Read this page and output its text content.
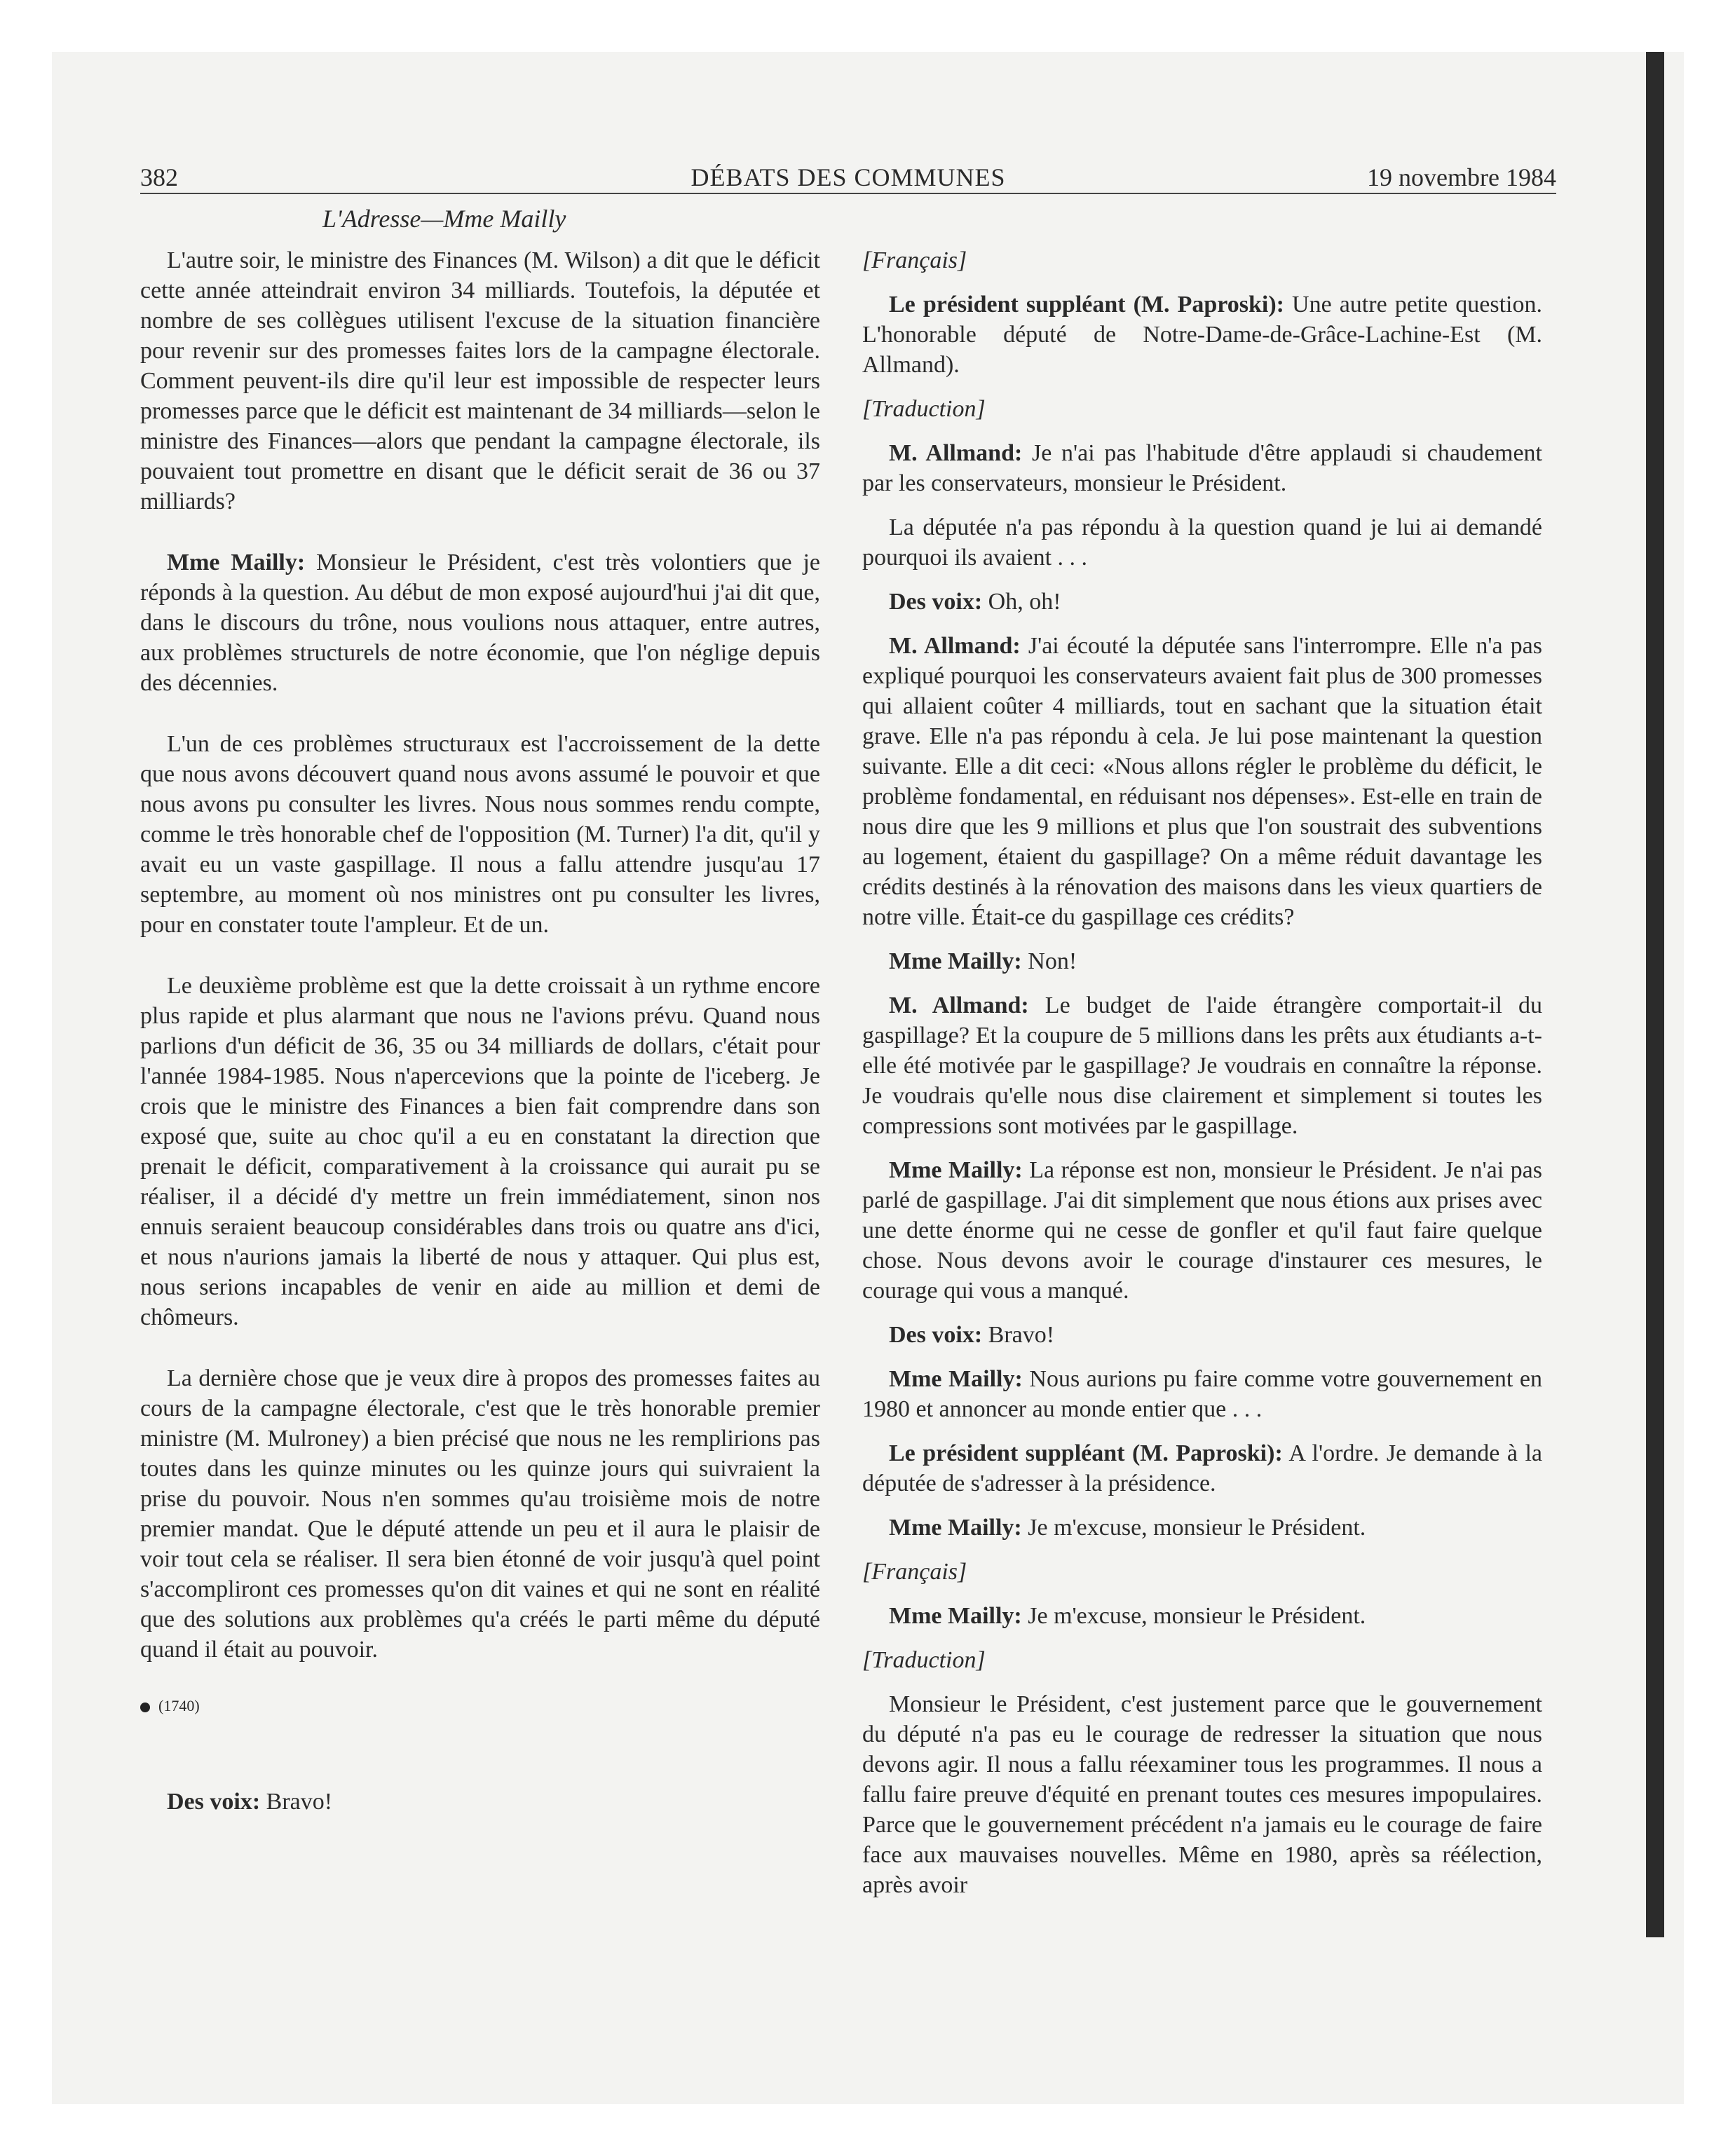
382	DÉBATS DES COMMUNES	19 novembre 1984
L'Adresse—Mme Mailly

L'autre soir, le ministre des Finances (M. Wilson) a dit que le déficit cette année atteindrait environ 34 milliards. Toutefois, la députée et nombre de ses collègues utilisent l'excuse de la situation financière pour revenir sur des promesses faites lors de la campagne électorale. Comment peuvent-ils dire qu'il leur est impossible de respecter leurs promesses parce que le déficit est maintenant de 34 milliards—selon le ministre des Finances—alors que pendant la campagne électorale, ils pouvaient tout promettre en disant que le déficit serait de 36 ou 37 milliards?

Mme Mailly: Monsieur le Président, c'est très volontiers que je réponds à la question. Au début de mon exposé aujourd'hui j'ai dit que, dans le discours du trône, nous voulions nous attaquer, entre autres, aux problèmes structurels de notre économie, que l'on néglige depuis des décennies.

L'un de ces problèmes structuraux est l'accroissement de la dette que nous avons découvert quand nous avons assumé le pouvoir et que nous avons pu consulter les livres. Nous nous sommes rendu compte, comme le très honorable chef de l'opposition (M. Turner) l'a dit, qu'il y avait eu un vaste gaspillage. Il nous a fallu attendre jusqu'au 17 septembre, au moment où nos ministres ont pu consulter les livres, pour en constater toute l'ampleur. Et de un.

Le deuxième problème est que la dette croissait à un rythme encore plus rapide et plus alarmant que nous ne l'avions prévu. Quand nous parlions d'un déficit de 36, 35 ou 34 milliards de dollars, c'était pour l'année 1984-1985. Nous n'apercevions que la pointe de l'iceberg. Je crois que le ministre des Finances a bien fait comprendre dans son exposé que, suite au choc qu'il a eu en constatant la direction que prenait le déficit, comparativement à la croissance qui aurait pu se réaliser, il a décidé d'y mettre un frein immédiatement, sinon nos ennuis seraient beaucoup considérables dans trois ou quatre ans d'ici, et nous n'aurions jamais la liberté de nous y attaquer. Qui plus est, nous serions incapables de venir en aide au million et demi de chômeurs.

La dernière chose que je veux dire à propos des promesses faites au cours de la campagne électorale, c'est que le très honorable premier ministre (M. Mulroney) a bien précisé que nous ne les remplirions pas toutes dans les quinze minutes ou les quinze jours qui suivraient la prise du pouvoir. Nous n'en sommes qu'au troisième mois de notre premier mandat. Que le député attende un peu et il aura le plaisir de voir tout cela se réaliser. Il sera bien étonné de voir jusqu'à quel point s'accompliront ces promesses qu'on dit vaines et qui ne sont en réalité que des solutions aux problèmes qu'a créés le parti même du député quand il était au pouvoir.

(1740)

Des voix: Bravo!

[Français]

Le président suppléant (M. Paproski): Une autre petite question. L'honorable député de Notre-Dame-de-Grâce-Lachine-Est (M. Allmand).

[Traduction]

M. Allmand: Je n'ai pas l'habitude d'être applaudi si chaudement par les conservateurs, monsieur le Président.

La députée n'a pas répondu à la question quand je lui ai demandé pourquoi ils avaient . . .

Des voix: Oh, oh!

M. Allmand: J'ai écouté la députée sans l'interrompre. Elle n'a pas expliqué pourquoi les conservateurs avaient fait plus de 300 promesses qui allaient coûter 4 milliards, tout en sachant que la situation était grave. Elle n'a pas répondu à cela. Je lui pose maintenant la question suivante. Elle a dit ceci: «Nous allons régler le problème du déficit, le problème fondamental, en réduisant nos dépenses». Est-elle en train de nous dire que les 9 millions et plus que l'on soustrait des subventions au logement, étaient du gaspillage? On a même réduit davantage les crédits destinés à la rénovation des maisons dans les vieux quartiers de notre ville. Était-ce du gaspillage ces crédits?

Mme Mailly: Non!

M. Allmand: Le budget de l'aide étrangère comportait-il du gaspillage? Et la coupure de 5 millions dans les prêts aux étudiants a-t-elle été motivée par le gaspillage? Je voudrais en connaître la réponse. Je voudrais qu'elle nous dise clairement et simplement si toutes les compressions sont motivées par le gaspillage.

Mme Mailly: La réponse est non, monsieur le Président. Je n'ai pas parlé de gaspillage. J'ai dit simplement que nous étions aux prises avec une dette énorme qui ne cesse de gonfler et qu'il faut faire quelque chose. Nous devons avoir le courage d'instaurer ces mesures, le courage qui vous a manqué.

Des voix: Bravo!

Mme Mailly: Nous aurions pu faire comme votre gouvernement en 1980 et annoncer au monde entier que . . .

Le président suppléant (M. Paproski): A l'ordre. Je demande à la députée de s'adresser à la présidence.

Mme Mailly: Je m'excuse, monsieur le Président.

[Français]

Mme Mailly: Je m'excuse, monsieur le Président.

[Traduction]

Monsieur le Président, c'est justement parce que le gouvernement du député n'a pas eu le courage de redresser la situation que nous devons agir. Il nous a fallu réexaminer tous les programmes. Il nous a fallu faire preuve d'équité en prenant toutes ces mesures impopulaires. Parce que le gouvernement précédent n'a jamais eu le courage de faire face aux mauvaises nouvelles. Même en 1980, après sa réélection, après avoir
